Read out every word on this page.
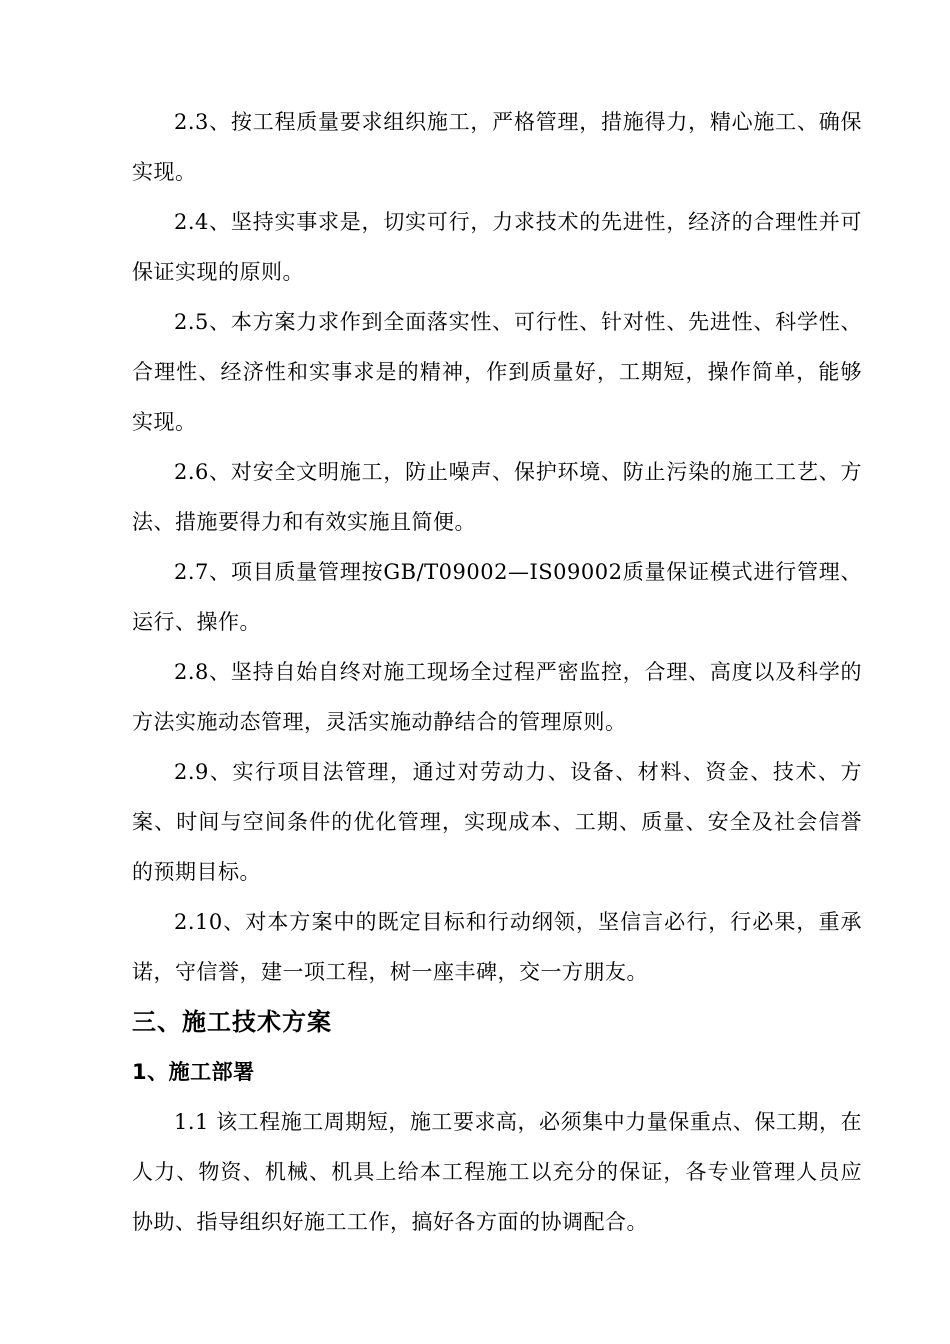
2.3、按工程质量要求组织施工，严格管理，措施得力，精心施工、确保实现。

2.4、坚持实事求是，切实可行，力求技术的先进性，经济的合理性并可保证实现的原则。

2.5、本方案力求作到全面落实性、可行性、针对性、先进性、科学性、合理性、经济性和实事求是的精神，作到质量好，工期短，操作简单，能够实现。

2.6、对安全文明施工，防止噪声、保护环境、防止污染的施工工艺、方法、措施要得力和有效实施且简便。

2.7、项目质量管理按GB/T09002—IS09002质量保证模式进行管理、运行、操作。

2.8、坚持自始自终对施工现场全过程严密监控，合理、高度以及科学的方法实施动态管理，灵活实施动静结合的管理原则。

2.9、实行项目法管理，通过对劳动力、设备、材料、资金、技术、方案、时间与空间条件的优化管理，实现成本、工期、质量、安全及社会信誉的预期目标。

2.10、对本方案中的既定目标和行动纲领，坚信言必行，行必果，重承诺，守信誉，建一项工程，树一座丰碑，交一方朋友。

三、施工技术方案
1、施工部署

1.1 该工程施工周期短，施工要求高，必须集中力量保重点、保工期，在人力、物资、机械、机具上给本工程施工以充分的保证，各专业管理人员应协助、指导组织好施工工作，搞好各方面的协调配合。
